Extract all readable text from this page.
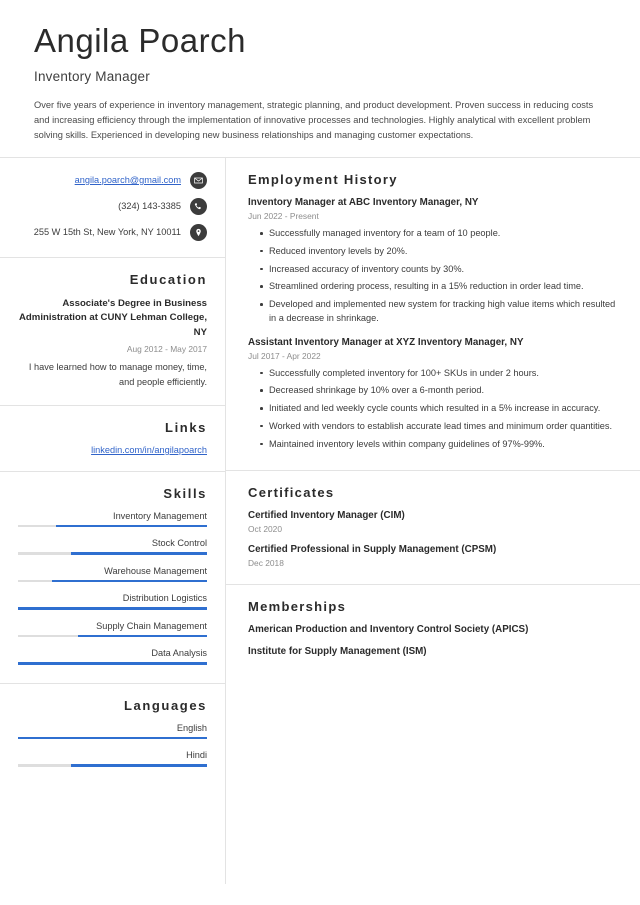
Angila Poarch
Inventory Manager
Over five years of experience in inventory management, strategic planning, and product development. Proven success in reducing costs and increasing efficiency through the implementation of innovative processes and technologies. Highly analytical with excellent problem solving skills. Experienced in developing new business relationships and managing customer expectations.
angila.poarch@gmail.com
(324) 143-3385
255 W 15th St, New York, NY 10011
Education
Associate's Degree in Business Administration at CUNY Lehman College, NY
Aug 2012 - May 2017
I have learned how to manage money, time, and people efficiently.
Links
linkedin.com/in/angilapoarch
Skills
Inventory Management
Stock Control
Warehouse Management
Distribution Logistics
Supply Chain Management
Data Analysis
Languages
English
Hindi
Employment History
Inventory Manager at ABC Inventory Manager, NY
Jun 2022 - Present
Successfully managed inventory for a team of 10 people.
Reduced inventory levels by 20%.
Increased accuracy of inventory counts by 30%.
Streamlined ordering process, resulting in a 15% reduction in order lead time.
Developed and implemented new system for tracking high value items which resulted in a decrease in shrinkage.
Assistant Inventory Manager at XYZ Inventory Manager, NY
Jul 2017 - Apr 2022
Successfully completed inventory for 100+ SKUs in under 2 hours.
Decreased shrinkage by 10% over a 6-month period.
Initiated and led weekly cycle counts which resulted in a 5% increase in accuracy.
Worked with vendors to establish accurate lead times and minimum order quantities.
Maintained inventory levels within company guidelines of 97%-99%.
Certificates
Certified Inventory Manager (CIM)
Oct 2020
Certified Professional in Supply Management (CPSM)
Dec 2018
Memberships
American Production and Inventory Control Society (APICS)
Institute for Supply Management (ISM)
